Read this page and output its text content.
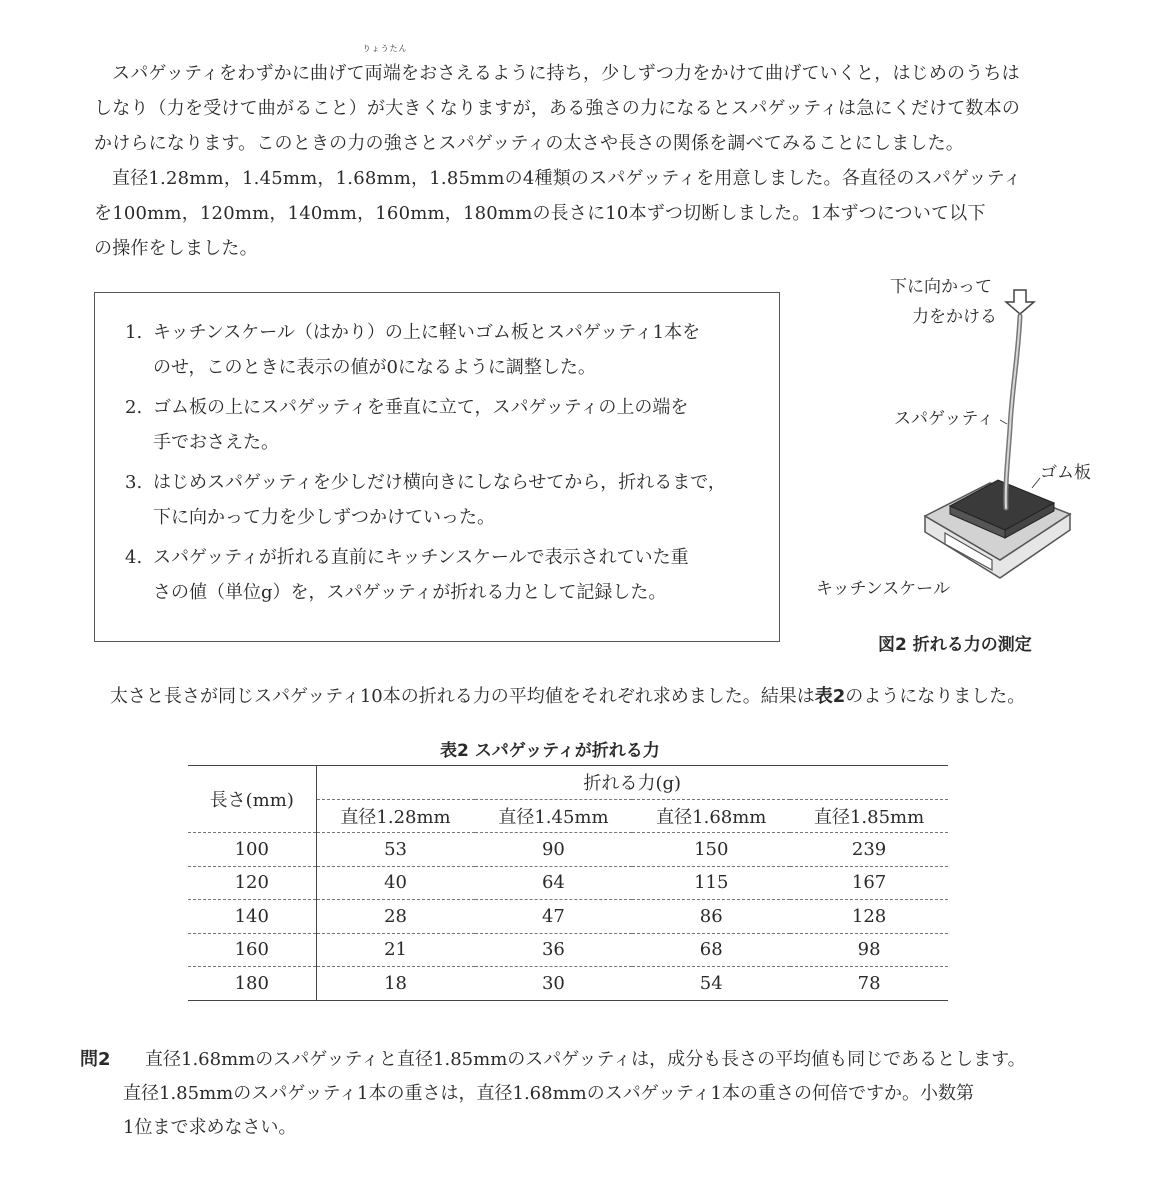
スパゲッティをわずかに曲げて
りょうたん
両端をおさえるように持ち，少しずつ力をかけて曲げていくと，はじめのうちは
しなり（力を受けて曲がること）が大きくなりますが，ある強さの力になるとスパゲッティは急にくだけて数本の
かけらになります。このときの力の強さとスパゲッティの太さや長さの関係を調べてみることにしました。
直径1.28mm，1.45mm，1.68mm，1.85mmの4種類のスパゲッティを用意しました。各直径のスパゲッティ
を100mm，120mm，140mm，160mm，180mmの長さに10本ずつ切断しました。1本ずつについて以下
の操作をしました。
1. キッチンスケール（はかり）の上に軽いゴム板とスパゲッティ1本を
のせ，このときに表示の値が0になるように調整した。
2. ゴム板の上にスパゲッティを垂直に立て，スパゲッティの上の端を
手でおさえた。
3. はじめスパゲッティを少しだけ横向きにしならせてから，折れるまで，
下に向かって力を少しずつかけていった。
4. スパゲッティが折れる直前にキッチンスケールで表示されていた重
さの値（単位g）を，スパゲッティが折れる力として記録した。
下に向かって
力をかける
スパゲッティ
ゴム板
キッチンスケール
図2 折れる力の測定
太さと長さが同じスパゲッティ10本の折れる力の平均値をそれぞれ求めました。結果は表2のようになりました。
表2 スパゲッティが折れる力
長さ(mm)	折れる力(g)			
	直径1.28mm	直径1.45mm	直径1.68mm	直径1.85mm
100	53	90	150	239
120	40	64	115	167
140	28	47	86	128
160	21	36	68	98
180	18	30	54	78
問2 直径1.68mmのスパゲッティと直径1.85mmのスパゲッティは，成分も長さの平均値も同じであるとします。
直径1.85mmのスパゲッティ1本の重さは，直径1.68mmのスパゲッティ1本の重さの何倍ですか。小数第
1位まで求めなさい。
